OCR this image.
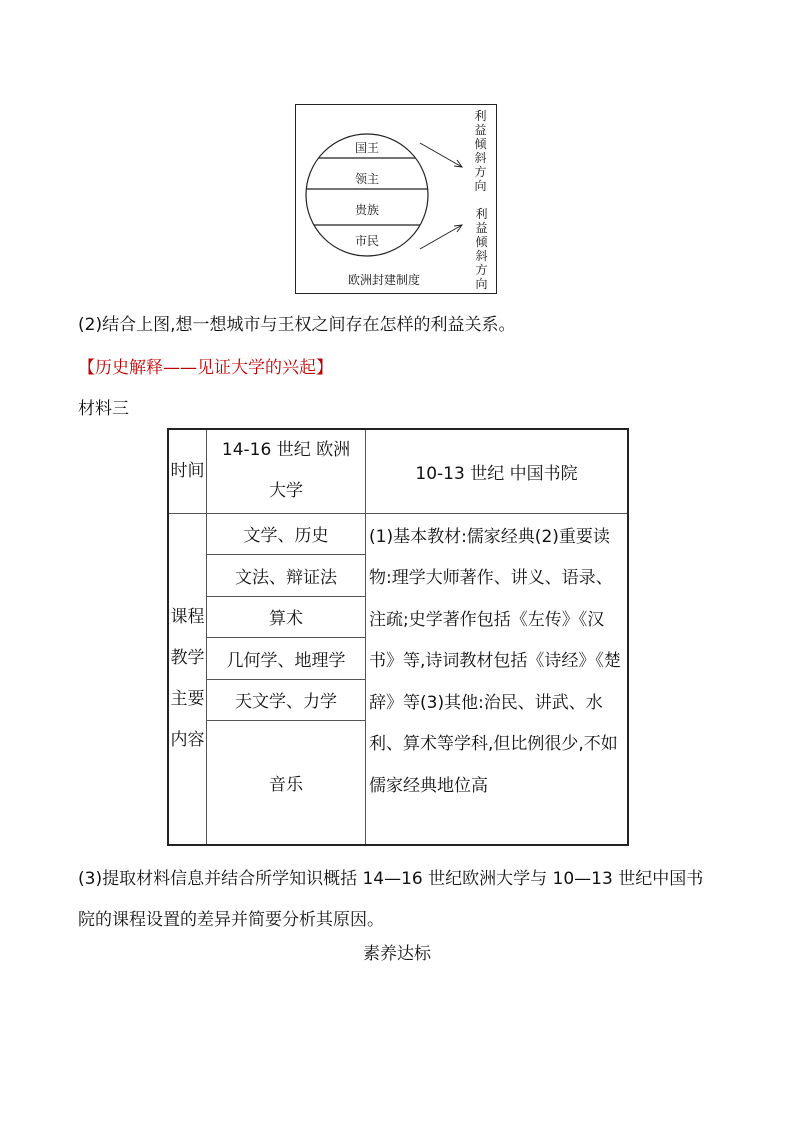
国王
领主
贵族
市民
欧洲封建制度
利益倾斜方向
利益倾斜方向
(2)结合上图,想一想城市与王权之间存在怎样的利益关系。
【历史解释——见证大学的兴起】
材料三
时间	14-16 世纪 欧洲大学	10-13 世纪 中国书院

课程教学主要内容	文学、历史	(1)基本教材:儒家经典(2)重要读物:理学大师著作、讲义、语录、注疏;史学著作包括《左传》《汉书》等,诗词教材包括《诗经》《楚辞》等(3)其他:治民、讲武、水利、算术等学科,但比例很少,不如儒家经典地位高

	文法、辩证法	
	算术	
	几何学、地理学	
	天文学、力学	
	音乐	
(3)提取材料信息并结合所学知识概括 14—16 世纪欧洲大学与 10—13 世纪中国书院的课程设置的差异并简要分析其原因。
素养达标
